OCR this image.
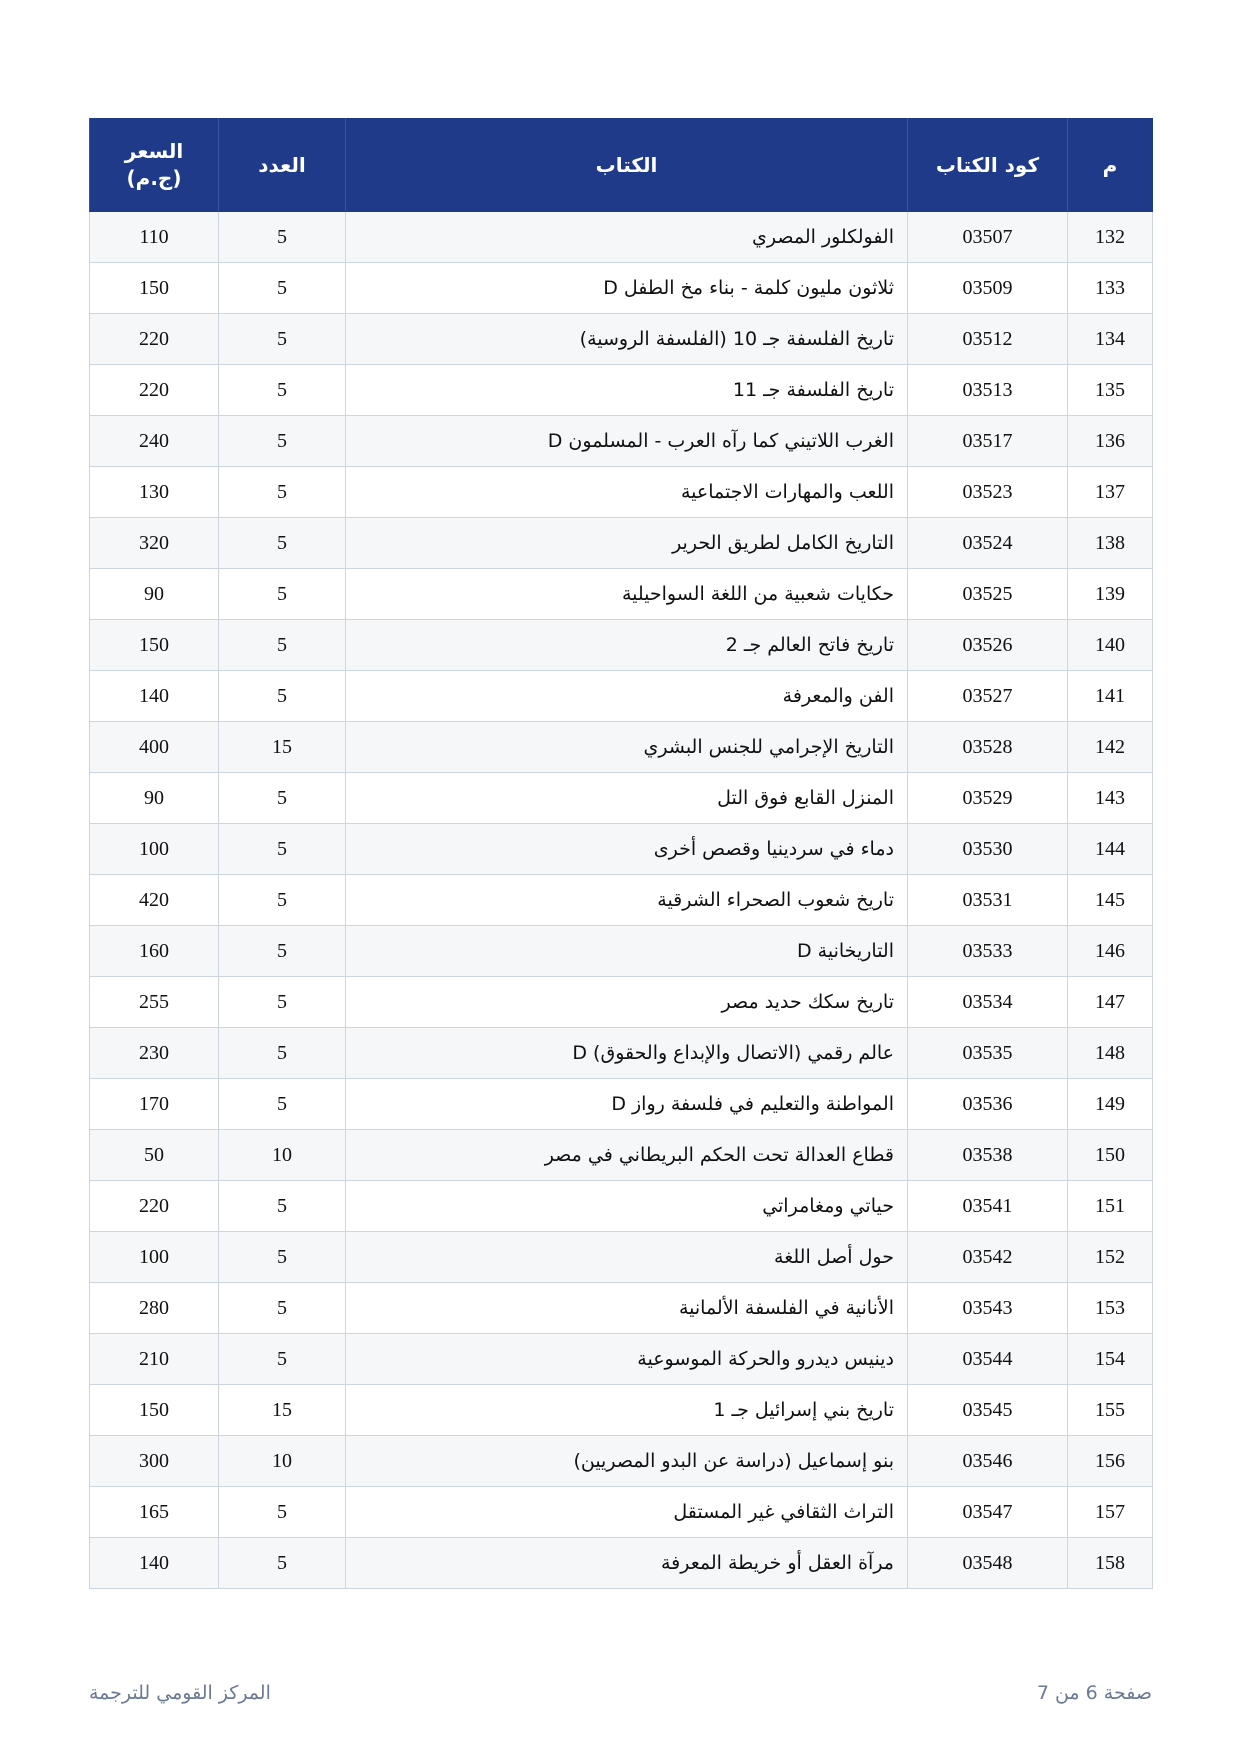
م	كود الكتاب	الكتاب	العدد	السعر
(ج.م)

132	03507	الفولكلور المصري	5	110
133	03509	ثلاثون مليون كلمة - بناء مخ الطفل D	5	150
134	03512	تاريخ الفلسفة جـ 10 (الفلسفة الروسية)	5	220
135	03513	تاريخ الفلسفة جـ 11	5	220
136	03517	الغرب اللاتيني كما رآه العرب - المسلمون D	5	240
137	03523	اللعب والمهارات الاجتماعية	5	130
138	03524	التاريخ الكامل لطريق الحرير	5	320
139	03525	حكايات شعبية من اللغة السواحيلية	5	90
140	03526	تاريخ فاتح العالم جـ 2	5	150
141	03527	الفن والمعرفة	5	140
142	03528	التاريخ الإجرامي للجنس البشري	15	400
143	03529	المنزل القابع فوق التل	5	90
144	03530	دماء في سردينيا وقصص أخرى	5	100
145	03531	تاريخ شعوب الصحراء الشرقية	5	420
146	03533	التاريخانية D	5	160
147	03534	تاريخ سكك حديد مصر	5	255
148	03535	عالم رقمي (الاتصال والإبداع والحقوق) D	5	230
149	03536	المواطنة والتعليم في فلسفة رواز D	5	170
150	03538	قطاع العدالة تحت الحكم البريطاني في مصر	10	50
151	03541	حياتي ومغامراتي	5	220
152	03542	حول أصل اللغة	5	100
153	03543	الأنانية في الفلسفة الألمانية	5	280
154	03544	دينيس ديدرو والحركة الموسوعية	5	210
155	03545	تاريخ بني إسرائيل جـ 1	15	150
156	03546	بنو إسماعيل (دراسة عن البدو المصريين)	10	300
157	03547	التراث الثقافي غير المستقل	5	165
158	03548	مرآة العقل أو خريطة المعرفة	5	140
صفحة 6 من 7
المركز القومي للترجمة
